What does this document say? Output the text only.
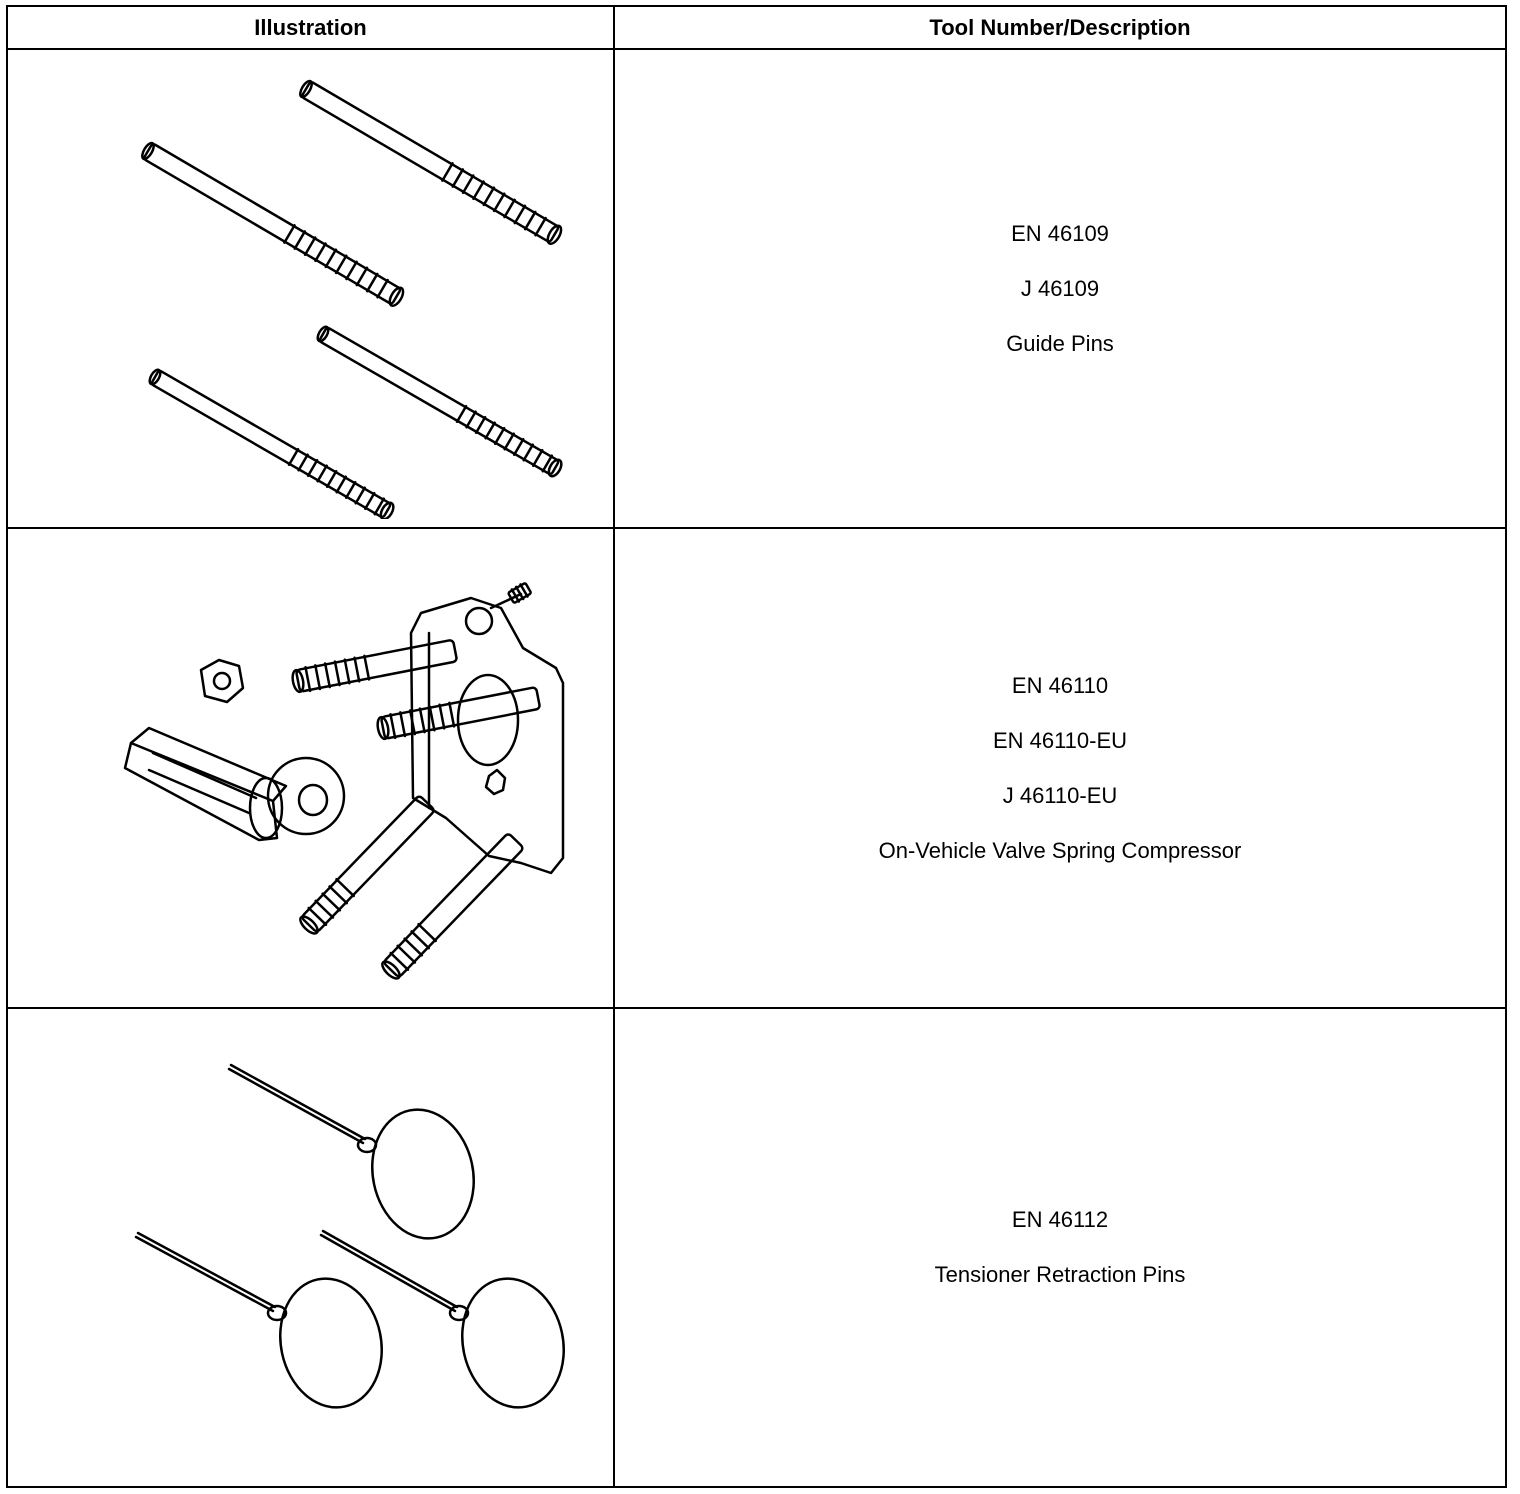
Illustration	Tool Number/Description

EN 46109
J 46109
Guide Pins

EN 46110
EN 46110-EU
J 46110-EU
On-Vehicle Valve Spring Compressor

EN 46112
Tensioner Retraction Pins
